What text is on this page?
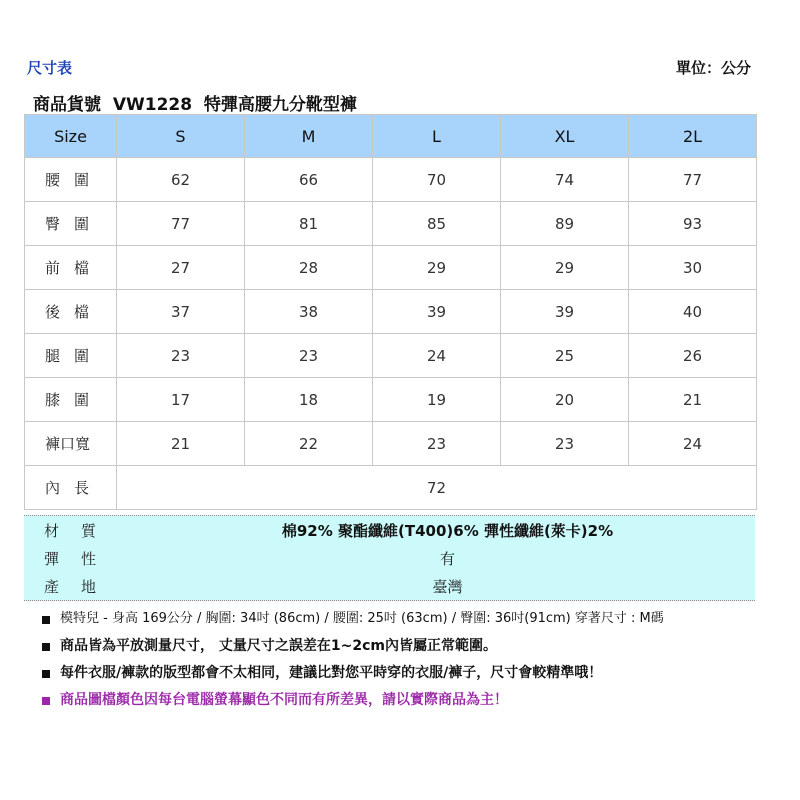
尺寸表	單位：公分
商品貨號  VW1228  特彈高腰九分靴型褲
Size	S	M	L	XL	2L
腰圍	62	66	70	74	77
臀圍	77	81	85	89	93
前檔	27	28	29	29	30
後檔	37	38	39	39	40
腿圍	23	23	24	25	26
膝圍	17	18	19	20	21
褲口寬	21	22	23	23	24
內長	72				
材質	棉92% 聚酯纖維(T400)6% 彈性纖維(萊卡)2%
彈性	有
產地	臺灣
模特兒 - 身高 169公分 / 胸圍: 34吋 (86cm) / 腰圍: 25吋 (63cm) / 臀圍: 36吋(91cm) 穿著尺寸 : M碼
商品皆為平放測量尺寸， 丈量尺寸之誤差在1~2cm內皆屬正常範圍。
每件衣服/褲款的版型都會不太相同，建議比對您平時穿的衣服/褲子，尺寸會較精準哦！
商品圖檔顏色因每台電腦螢幕顯色不同而有所差異，請以實際商品為主！
